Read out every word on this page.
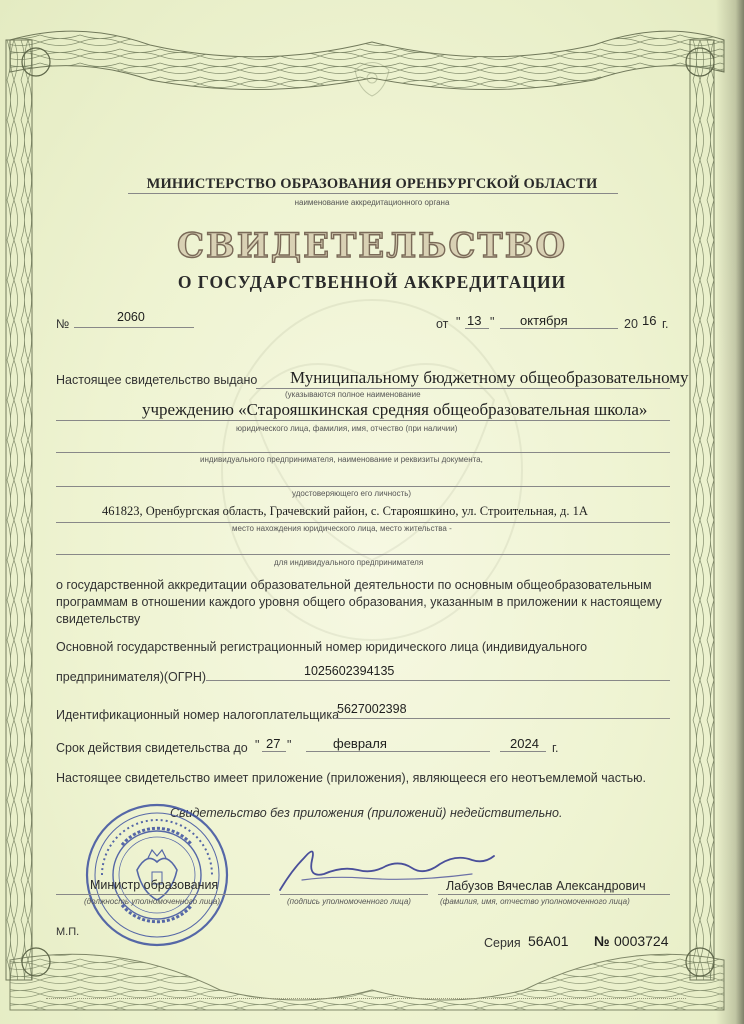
МИНИСТЕРСТВО ОБРАЗОВАНИЯ ОРЕНБУРГСКОЙ ОБЛАСТИ
наименование аккредитационного органа
СВИДЕТЕЛЬСТВО
О ГОСУДАРСТВЕННОЙ АККРЕДИТАЦИИ
№	2060	от " 13 " октября	20 16 г.
Настоящее свидетельство выдано Муниципальному бюджетному общеобразовательному
(указываются полное наименование
учреждению «Старояшкинская средняя общеобразовательная школа»
юридического лица, фамилия, имя, отчество (при наличии)
индивидуального предпринимателя, наименование и реквизиты документа,
удостоверяющего его личность)
461823, Оренбургская область, Грачевский район, с. Старояшкино, ул. Строительная, д. 1А
место нахождения юридического лица, место жительства -
для индивидуального предпринимателя
о государственной аккредитации образовательной деятельности по основным общеобразовательным
программам в отношении каждого уровня общего образования, указанным в приложении к настоящему
свидетельству
Основной государственный регистрационный номер юридического лица (индивидуального
предпринимателя)(ОГРН)	1025602394135
Идентификационный номер налогоплательщика
5627002398
Срок действия свидетельства до " 27 "	февраля	2024 г.
Настоящее свидетельство имеет приложение (приложения), являющееся его неотъемлемой частью.
Свидетельство без приложения (приложений) недействительно.
Министр образования
(должность уполномоченного лица)	(подпись уполномоченного лица)
Лабузов Вячеслав Александрович
(фамилия, имя, отчество уполномоченного лица)
М.П.
Серия 56А01 № 0003724
